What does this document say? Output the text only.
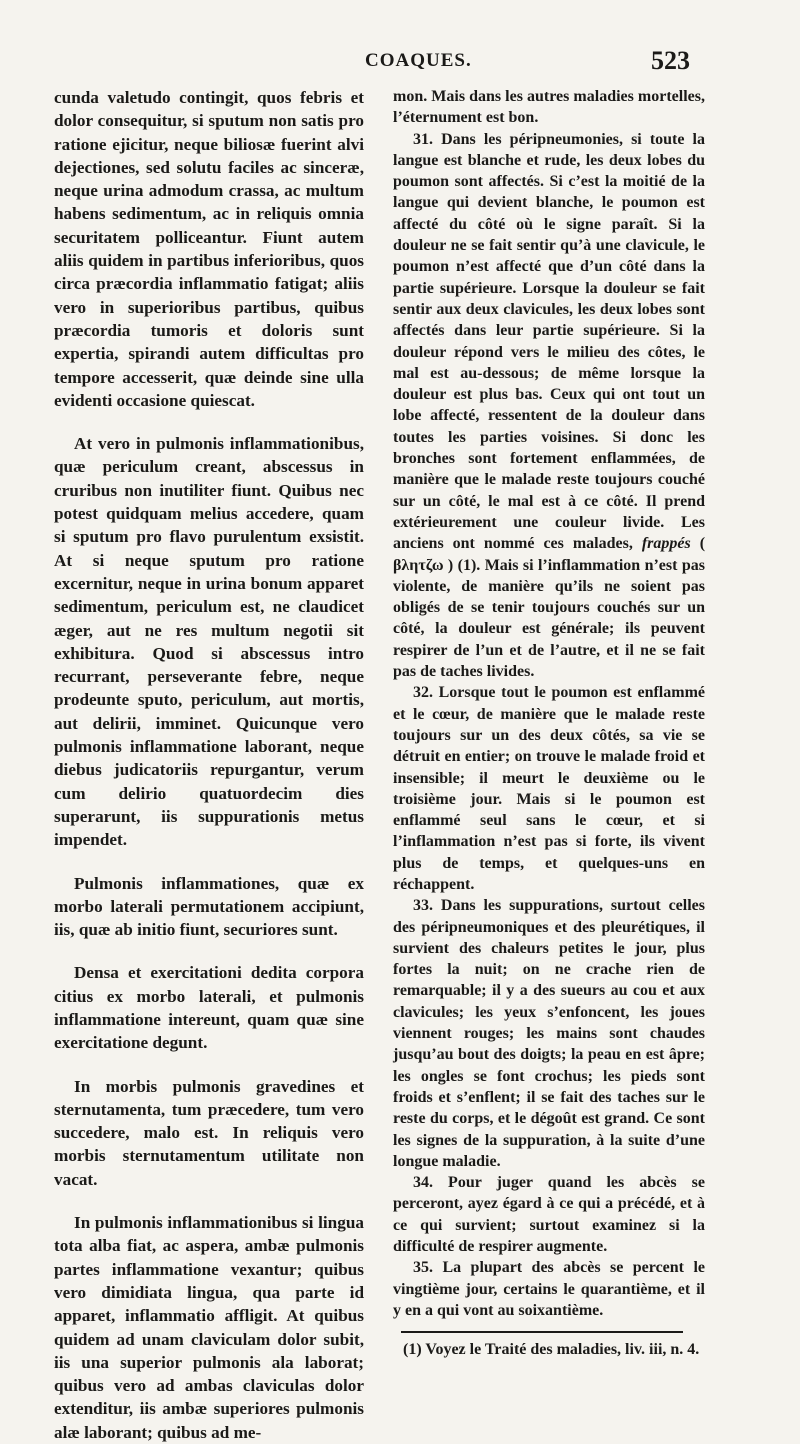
COAQUES.	523

cunda valetudo contingit, quos febris et dolor consequitur, si sputum non satis pro ratione ejicitur, neque biliosæ fuerint alvi dejectiones, sed solutu faciles ac sinceræ, neque urina admodum crassa, ac multum habens sedimentum, ac in reliquis omnia securitatem polliceantur. Fiunt autem aliis quidem in partibus inferioribus, quos circa præcordia inflammatio fatigat; aliis vero in superioribus partibus, quibus præcordia tumoris et doloris sunt expertia, spirandi autem difficultas pro tempore accesserit, quæ deinde sine ulla evidenti occasione quiescat.

At vero in pulmonis inflammationibus, quæ periculum creant, abscessus in cruribus non inutiliter fiunt. Quibus nec potest quidquam melius accedere, quam si sputum pro flavo purulentum exsistit. At si neque sputum pro ratione excernitur, neque in urina bonum apparet sedimentum, periculum est, ne claudicet æger, aut ne res multum negotii sit exhibitura. Quod si abscessus intro recurrant, perseverante febre, neque prodeunte sputo, periculum, aut mortis, aut delirii, imminet. Quicunque vero pulmonis inflammatione laborant, neque diebus judicatoriis repurgantur, verum cum delirio quatuordecim dies superarunt, iis suppurationis metus impendet.

Pulmonis inflammationes, quæ ex morbo laterali permutationem accipiunt, iis, quæ ab initio fiunt, securiores sunt.

Densa et exercitationi dedita corpora citius ex morbo laterali, et pulmonis inflammatione intereunt, quam quæ sine exercitatione degunt.

In morbis pulmonis gravedines et sternutamenta, tum præcedere, tum vero succedere, malo est. In reliquis vero morbis sternutamentum utilitate non vacat.

In pulmonis inflammationibus si lingua tota alba fiat, ac aspera, ambæ pulmonis partes inflammatione vexantur; quibus vero dimidiata lingua, qua parte id apparet, inflammatio affligit. At quibus quidem ad unam claviculam dolor subit, iis una superior pulmonis ala laborat; quibus vero ad ambas claviculas dolor extenditur, iis ambæ superiores pulmonis alæ laborant; quibus ad me-

mon. Mais dans les autres maladies mortelles, l’éternument est bon.

31. Dans les péripneumonies, si toute la langue est blanche et rude, les deux lobes du poumon sont affectés. Si c’est la moitié de la langue qui devient blanche, le poumon est affecté du côté où le signe paraît. Si la douleur ne se fait sentir qu’à une clavicule, le poumon n’est affecté que d’un côté dans la partie supérieure. Lorsque la douleur se fait sentir aux deux clavicules, les deux lobes sont affectés dans leur partie supérieure. Si la douleur répond vers le milieu des côtes, le mal est au-dessous; de même lorsque la douleur est plus bas. Ceux qui ont tout un lobe affecté, ressentent de la douleur dans toutes les parties voisines. Si donc les bronches sont fortement enflammées, de manière que le malade reste toujours couché sur un côté, le mal est à ce côté. Il prend extérieurement une couleur livide. Les anciens ont nommé ces malades, frappés ( βλητζω ) (1). Mais si l’inflammation n’est pas violente, de manière qu’ils ne soient pas obligés de se tenir toujours couchés sur un côté, la douleur est générale; ils peuvent respirer de l’un et de l’autre, et il ne se fait pas de taches livides.

32. Lorsque tout le poumon est enflammé et le cœur, de manière que le malade reste toujours sur un des deux côtés, sa vie se détruit en entier; on trouve le malade froid et insensible; il meurt le deuxième ou le troisième jour. Mais si le poumon est enflammé seul sans le cœur, et si l’inflammation n’est pas si forte, ils vivent plus de temps, et quelques-uns en réchappent.

33. Dans les suppurations, surtout celles des péripneumoniques et des pleurétiques, il survient des chaleurs petites le jour, plus fortes la nuit; on ne crache rien de remarquable; il y a des sueurs au cou et aux clavicules; les yeux s’enfoncent, les joues viennent rouges; les mains sont chaudes jusqu’au bout des doigts; la peau en est âpre; les ongles se font crochus; les pieds sont froids et s’enflent; il se fait des taches sur le reste du corps, et le dégoût est grand. Ce sont les signes de la suppuration, à la suite d’une longue maladie.

34. Pour juger quand les abcès se perceront, ayez égard à ce qui a précédé, et à ce qui survient; surtout examinez si la difficulté de respirer augmente.

35. La plupart des abcès se percent le vingtième jour, certains le quarantième, et il y en a qui vont au soixantième.

(1) Voyez le Traité des maladies, liv. iii, n. 4.
